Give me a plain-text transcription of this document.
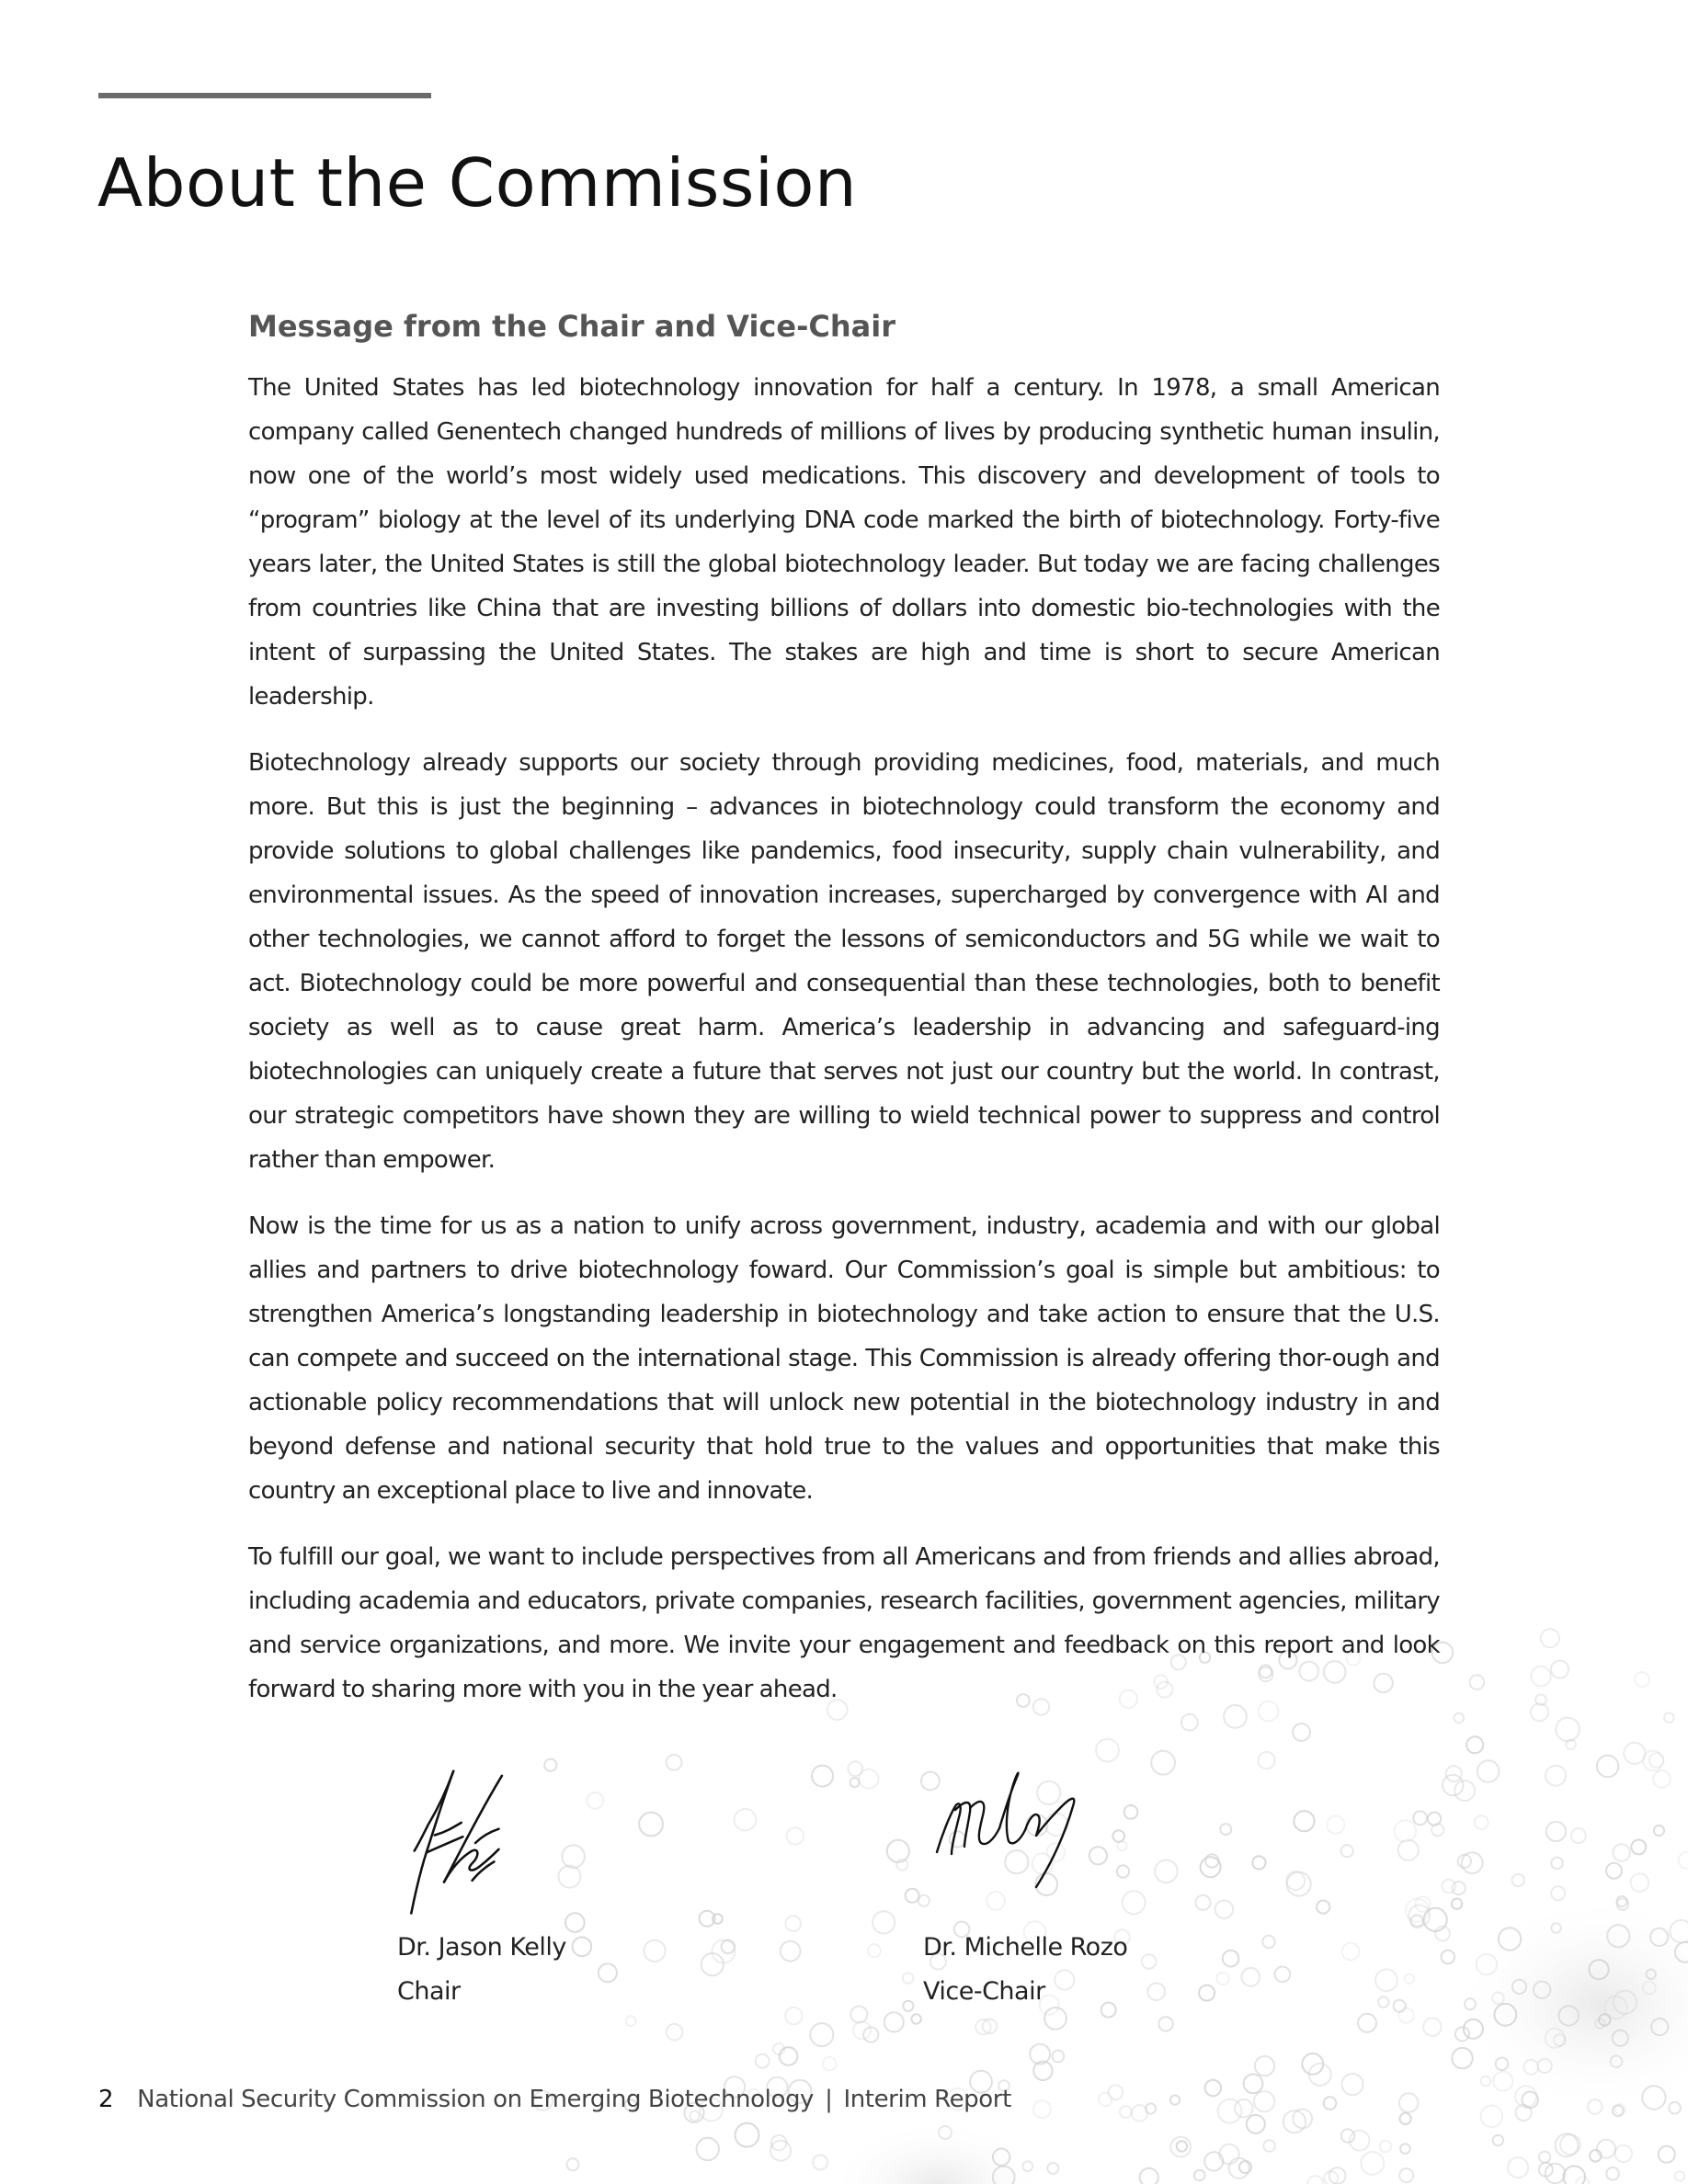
About the Commission
Message from the Chair and Vice-Chair

The United States has led biotechnology innovation for half a century. In 1978, a small American company called Genentech changed hundreds of millions of lives by producing synthetic human insulin, now one of the world’s most widely used medications. This discovery and development of tools to “program” biology at the level of its underlying DNA code marked the birth of biotechnology. Forty-five years later, the United States is still the global biotechnology leader. But today we are facing challenges from countries like China that are investing billions of dollars into domestic bio-technologies with the intent of surpassing the United States. The stakes are high and time is short to secure American leadership.

Biotechnology already supports our society through providing medicines, food, materials, and much more. But this is just the beginning – advances in biotechnology could transform the economy and provide solutions to global challenges like pandemics, food insecurity, supply chain vulnerability, and environmental issues. As the speed of innovation increases, supercharged by convergence with AI and other technologies, we cannot afford to forget the lessons of semiconductors and 5G while we wait to act. Biotechnology could be more powerful and consequential than these technologies, both to benefit society as well as to cause great harm. America’s leadership in advancing and safeguard-ing biotechnologies can uniquely create a future that serves not just our country but the world. In contrast, our strategic competitors have shown they are willing to wield technical power to suppress and control rather than empower.

Now is the time for us as a nation to unify across government, industry, academia and with our global allies and partners to drive biotechnology foward. Our Commission’s goal is simple but ambitious: to strengthen America’s longstanding leadership in biotechnology and take action to ensure that the U.S. can compete and succeed on the international stage. This Commission is already offering thor-ough and actionable policy recommendations that will unlock new potential in the biotechnology industry in and beyond defense and national security that hold true to the values and opportunities that make this country an exceptional place to live and innovate.

To fulfill our goal, we want to include perspectives from all Americans and from friends and allies abroad, including academia and educators, private companies, research facilities, government agencies, military and service organizations, and more. We invite your engagement and feedback on this report and look forward to sharing more with you in the year ahead.

Dr. Jason Kelly
Chair
Dr. Michelle Rozo
Vice-Chair
2 National Security Commission on Emerging Biotechnology | Interim Report
